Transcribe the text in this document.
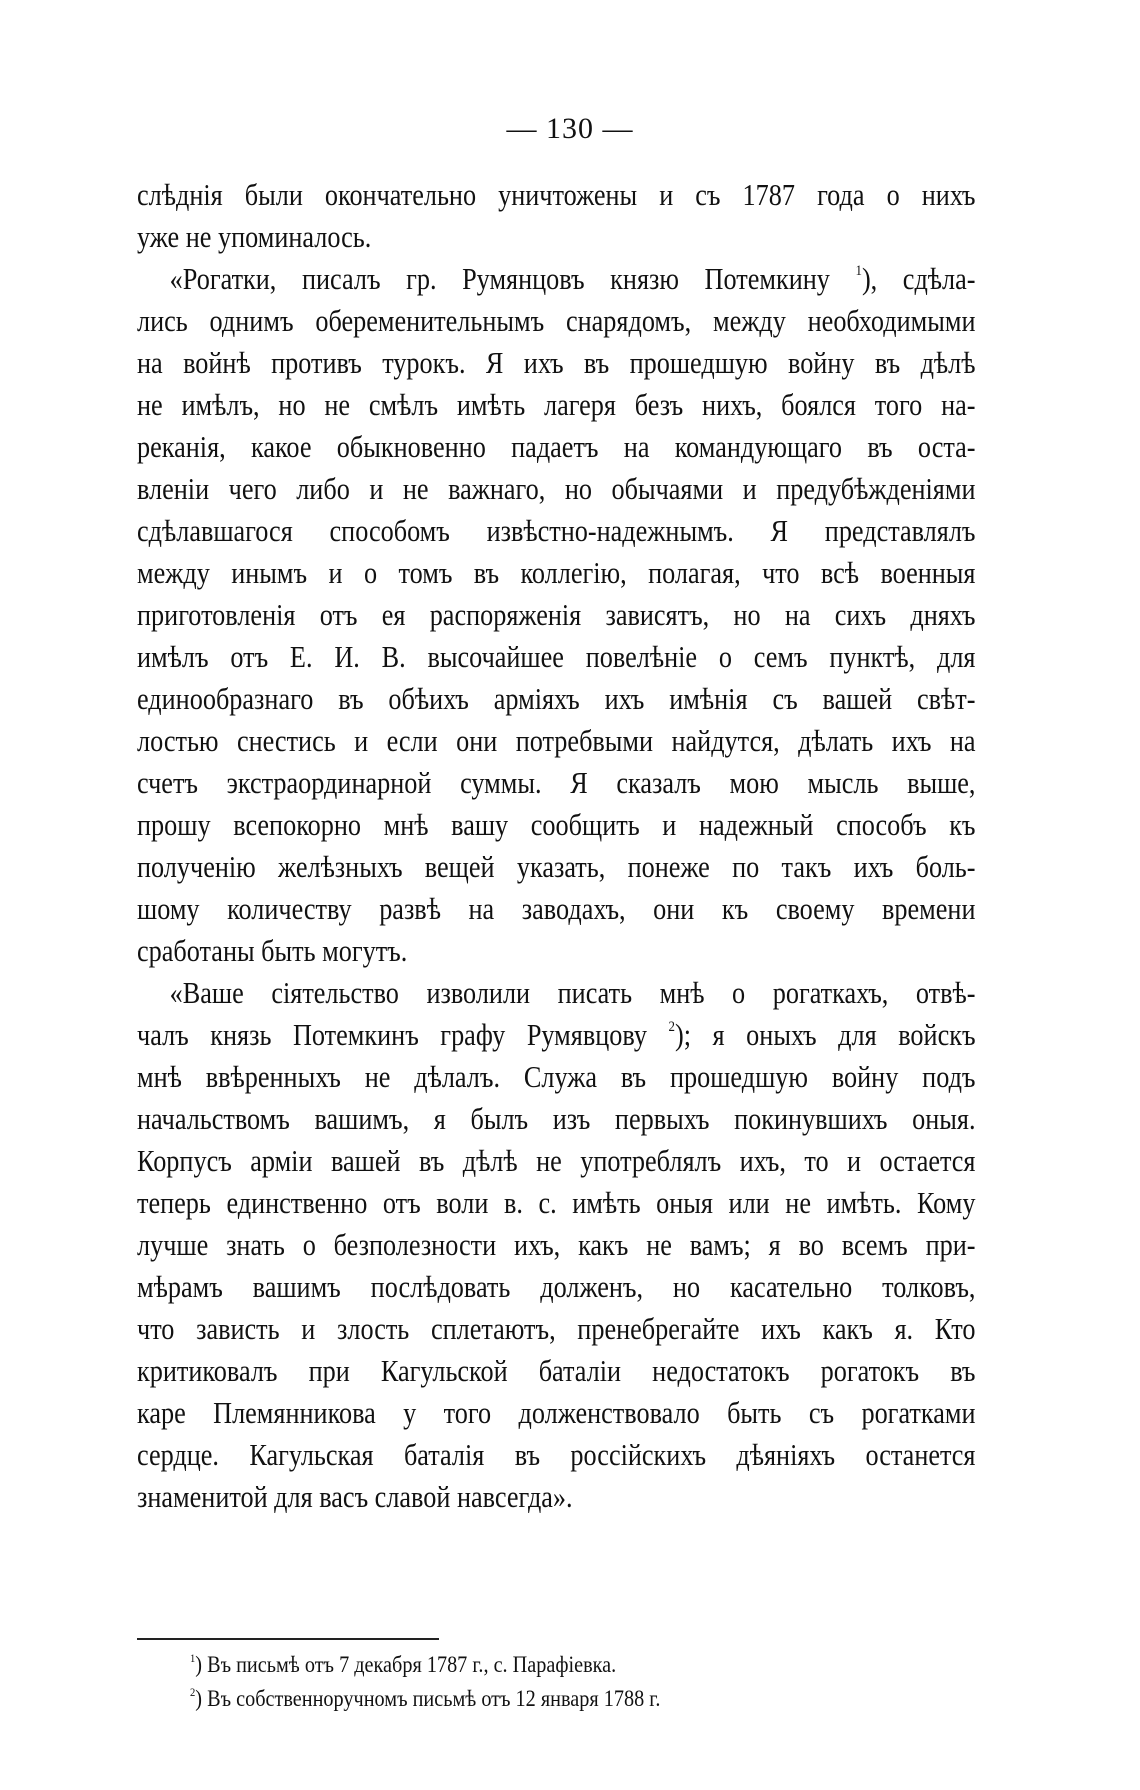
— 130 —
слѣднія были окончательно уничтожены и съ 1787 года о нихъ
уже не упоминалось.
«Рогатки, писалъ гр. Румянцовъ князю Потемкину $^1$), сдѣла-
лись однимъ обеременительнымъ снарядомъ, между необходимыми
на войнѣ противъ турокъ. Я ихъ въ прошедшую войну въ дѣлѣ
не имѣлъ, но не смѣлъ имѣть лагеря безъ нихъ, боялся того на-
реканія, какое обыкновенно падаетъ на командующаго въ оста-
вленіи чего либо и не важнаго, но обычаями и предубѣжденіями
сдѣлавшагося способомъ извѣстно-надежнымъ. Я представлялъ
между инымъ и о томъ въ коллегію, полагая, что всѣ военныя
приготовленія отъ ея распоряженія зависятъ, но на сихъ дняхъ
имѣлъ отъ Е. И. В. высочайшее повелѣніе о семъ пунктѣ, для
единообразнаго въ обѣихъ арміяхъ ихъ имѣнія съ вашей свѣт-
лостью снестись и если они потребвыми найдутся, дѣлать ихъ на
счетъ экстраординарной суммы. Я сказалъ мою мысль выше,
прошу всепокорно мнѣ вашу сообщить и надежный способъ къ
полученію желѣзныхъ вещей указать, понеже по такъ ихъ боль-
шому количеству развѣ на заводахъ, они къ своему времени
сработаны быть могутъ.
«Ваше сіятельство изволили писать мнѣ о рогаткахъ, отвѣ-
чалъ князь Потемкинъ графу Румявцову $^2$); я оныхъ для войскъ
мнѣ ввѣренныхъ не дѣлалъ. Служа въ прошедшую войну подъ
начальствомъ вашимъ, я былъ изъ первыхъ покинувшихъ оныя.
Корпусъ арміи вашей въ дѣлѣ не употреблялъ ихъ, то и остается
теперь единственно отъ воли в. с. имѣть оныя или не имѣть. Кому
лучше знать о безполезности ихъ, какъ не вамъ; я во всемъ при-
мѣрамъ вашимъ послѣдовать долженъ, но касательно толковъ,
что зависть и злость сплетаютъ, пренебрегайте ихъ какъ я. Кто
критиковалъ при Кагульской баталіи недостатокъ рогатокъ въ
каре Племянникова у того долженствовало быть съ рогатками
сердце. Кагульская баталія въ россійскихъ дѣяніяхъ останется
знаменитой для васъ славой навсегда».
$^1$) Въ письмѣ отъ 7 декабря 1787 г., с. Парафіевка.
$^2$) Въ собственноручномъ письмѣ отъ 12 января 1788 г.
